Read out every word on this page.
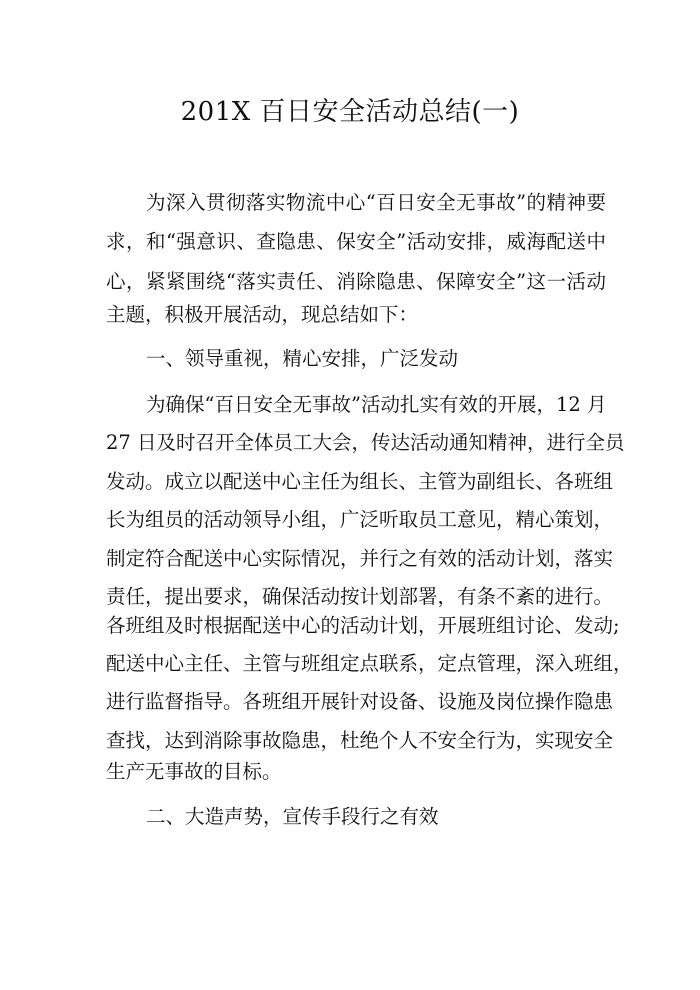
201X 百日安全活动总结(一)
为深入贯彻落实物流中心“百日安全无事故”的精神要
求，和“强意识、查隐患、保安全”活动安排，威海配送中
心，紧紧围绕“落实责任、消除隐患、保障安全”这一活动
主题，积极开展活动，现总结如下：
一、领导重视，精心安排，广泛发动
为确保“百日安全无事故”活动扎实有效的开展，12 月
27 日及时召开全体员工大会，传达活动通知精神，进行全员
发动。成立以配送中心主任为组长、主管为副组长、各班组
长为组员的活动领导小组，广泛听取员工意见，精心策划，
制定符合配送中心实际情况，并行之有效的活动计划，落实
责任，提出要求，确保活动按计划部署，有条不紊的进行。
各班组及时根据配送中心的活动计划，开展班组讨论、发动;
配送中心主任、主管与班组定点联系，定点管理，深入班组，
进行监督指导。各班组开展针对设备、设施及岗位操作隐患
查找，达到消除事故隐患，杜绝个人不安全行为，实现安全
生产无事故的目标。
二、大造声势，宣传手段行之有效
